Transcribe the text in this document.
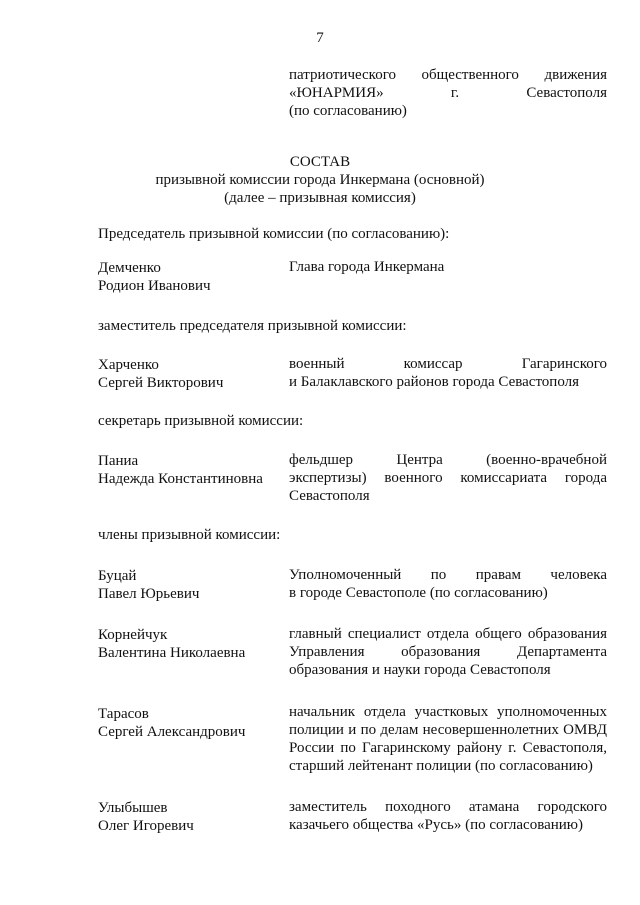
7
патриотического общественного движения
«ЮНАРМИЯ» г. Севастополя
(по согласованию)
СОСТАВ
призывной комиссии города Инкермана (основной)
(далее – призывная комиссия)
Председатель призывной комиссии (по согласованию):
Демченко
Родион Иванович
Глава города Инкермана
заместитель председателя призывной комиссии:
Харченко
Сергей Викторович
военный комиссар Гагаринского
и Балаклавского районов города Севастополя
секретарь призывной комиссии:
Паниа
Надежда Константиновна
фельдшер Центра (военно-врачебной
экспертизы) военного комиссариата города
Севастополя
члены призывной комиссии:
Буцай
Павел Юрьевич
Уполномоченный по правам человека
в городе Севастополе (по согласованию)
Корнейчук
Валентина Николаевна
главный специалист отдела общего образования
Управления образования Департамента
образования и науки города Севастополя
Тарасов
Сергей Александрович
начальник отдела участковых уполномоченных
полиции и по делам несовершеннолетних ОМВД
России по Гагаринскому району г. Севастополя,
старший лейтенант полиции (по согласованию)
Улыбышев
Олег Игоревич
заместитель походного атамана городского
казачьего общества «Русь» (по согласованию)
